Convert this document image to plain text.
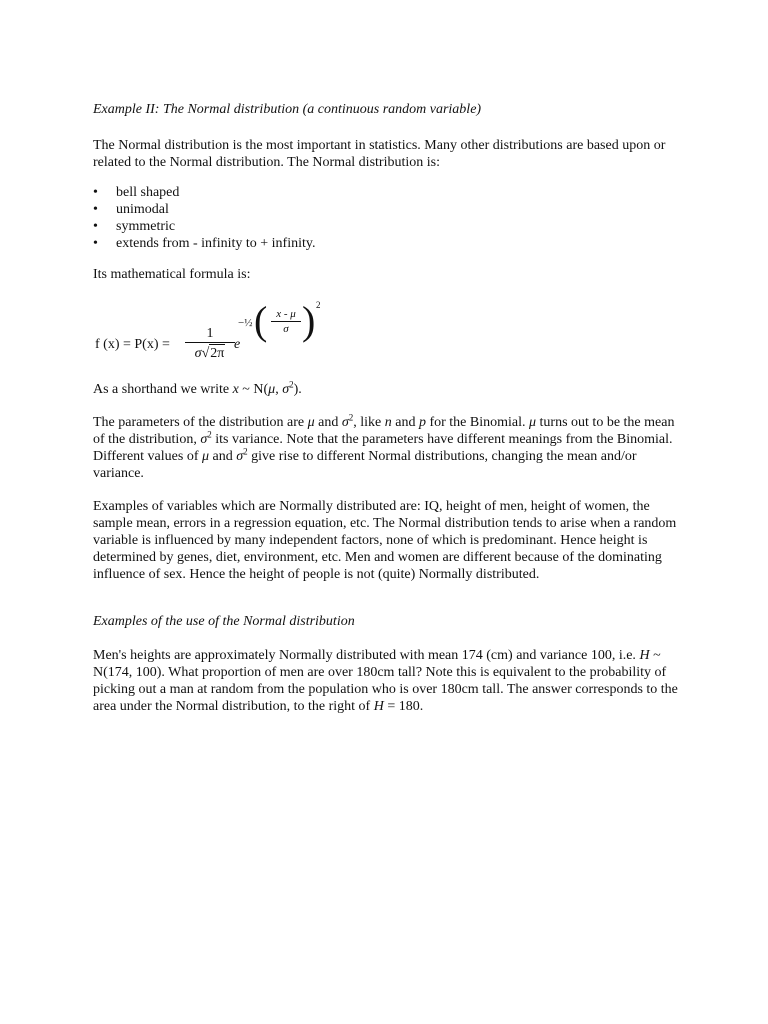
Example II: The Normal distribution (a continuous random variable)

The Normal distribution is the most important in statistics. Many other distributions are based upon or related to the Normal distribution. The Normal distribution is:

• bell shaped
• unimodal
• symmetric
• extends from - infinity to + infinity.

Its mathematical formula is:

f (x) = P(x) =
1
σ√2π
e
−½ ( x - μ
σ ) 2

As a shorthand we write x ~ N(μ, $\sigma^2$).

The parameters of the distribution are μ and $\sigma^2$, like n and p for the Binomial. μ turns out to be the mean of the distribution, $\sigma^2$ its variance. Note that the parameters have different meanings from the Binomial. Different values of μ and $\sigma^2$ give rise to different Normal distributions, changing the mean and/or variance.

Examples of variables which are Normally distributed are: IQ, height of men, height of women, the sample mean, errors in a regression equation, etc. The Normal distribution tends to arise when a random variable is influenced by many independent factors, none of which is predominant. Hence height is determined by genes, diet, environment, etc. Men and women are different because of the dominating influence of sex. Hence the height of people is not (quite) Normally distributed.

Examples of the use of the Normal distribution

Men's heights are approximately Normally distributed with mean 174 (cm) and variance 100, i.e. H ~ N(174, 100). What proportion of men are over 180cm tall? Note this is equivalent to the probability of picking out a man at random from the population who is over 180cm tall. The answer corresponds to the area under the Normal distribution, to the right of H = 180.
